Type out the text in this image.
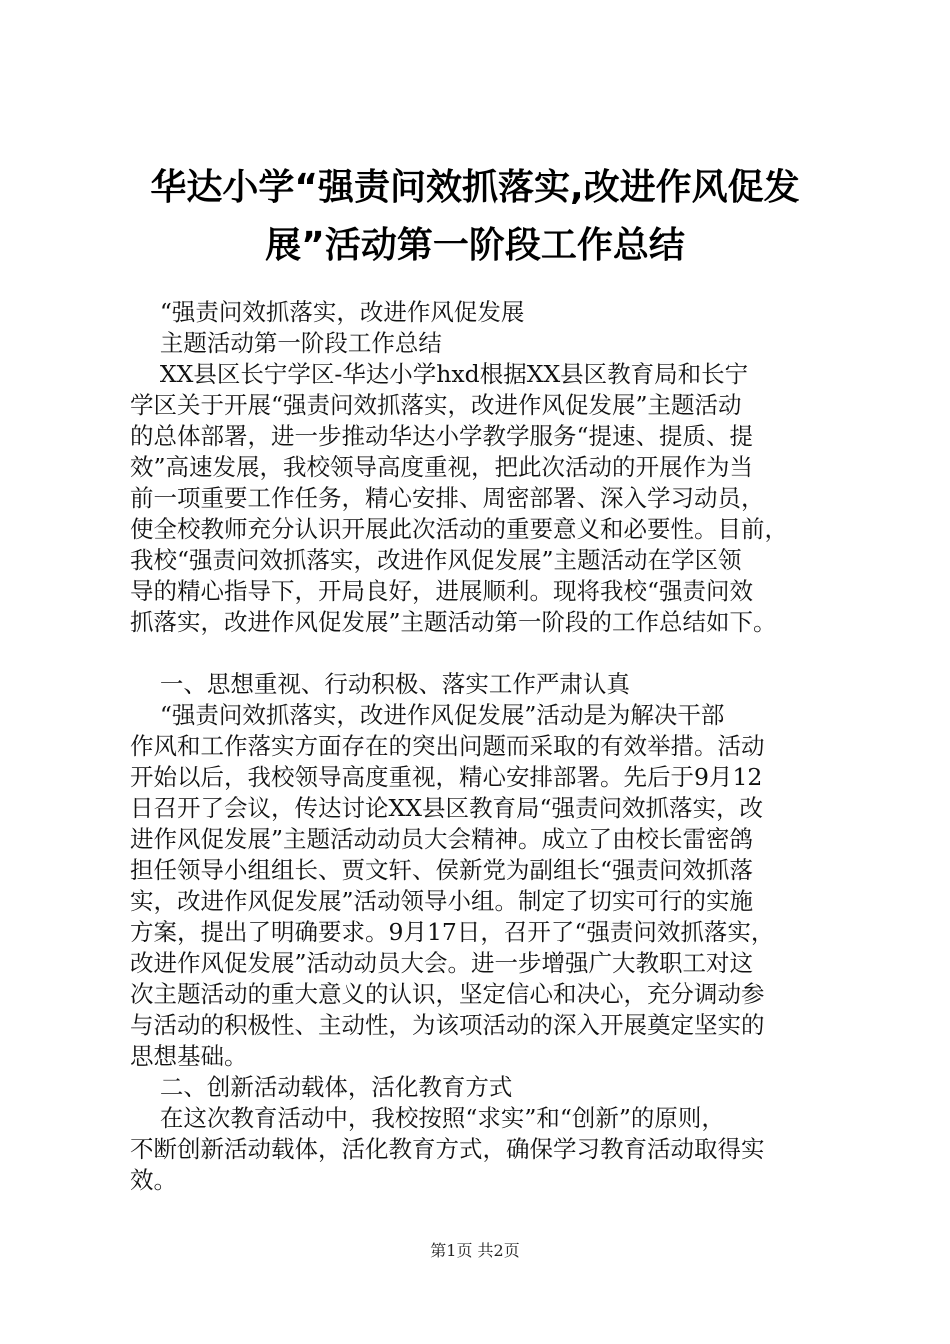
华达小学“强责问效抓落实,改进作风促发
展”活动第一阶段工作总结
“强责问效抓落实，改进作风促发展
主题活动第一阶段工作总结
XX县区长宁学区-华达小学hxd根据XX县区教育局和长宁
学区关于开展“强责问效抓落实，改进作风促发展”主题活动
的总体部署，进一步推动华达小学教学服务“提速、提质、提
效”高速发展，我校领导高度重视，把此次活动的开展作为当
前一项重要工作任务，精心安排、周密部署、深入学习动员，
使全校教师充分认识开展此次活动的重要意义和必要性。目前，
我校“强责问效抓落实，改进作风促发展”主题活动在学区领
导的精心指导下，开局良好，进展顺利。现将我校“强责问效
抓落实，改进作风促发展”主题活动第一阶段的工作总结如下。
一、思想重视、行动积极、落实工作严肃认真
“强责问效抓落实，改进作风促发展”活动是为解决干部
作风和工作落实方面存在的突出问题而采取的有效举措。活动
开始以后，我校领导高度重视，精心安排部署。先后于9月12
日召开了会议，传达讨论XX县区教育局“强责问效抓落实，改
进作风促发展”主题活动动员大会精神。成立了由校长雷密鸽
担任领导小组组长、贾文轩、侯新党为副组长“强责问效抓落
实，改进作风促发展”活动领导小组。制定了切实可行的实施
方案，提出了明确要求。9月17日，召开了“强责问效抓落实，
改进作风促发展”活动动员大会。进一步增强广大教职工对这
次主题活动的重大意义的认识，坚定信心和决心，充分调动参
与活动的积极性、主动性，为该项活动的深入开展奠定坚实的
思想基础。
二、创新活动载体，活化教育方式
在这次教育活动中，我校按照“求实”和“创新”的原则，
不断创新活动载体，活化教育方式，确保学习教育活动取得实
效。
第1页 共2页
